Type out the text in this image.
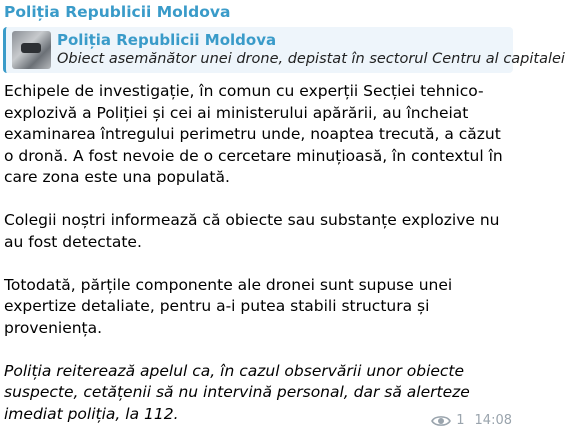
Poliția Republicii Moldova
Poliția Republicii Moldova
Obiect asemănător unei drone, depistat în sectorul Centru al capitalei

Echipele de investigație, în comun cu experții Secției tehnico-explozivă a Poliției și cei ai ministerului apărării, au încheiat examinarea întregului perimetru unde, noaptea trecută, a căzut o dronă. A fost nevoie de o cercetare minuțioasă, în contextul în care zona este una populată.

Colegii noștri informează că obiecte sau substanțe explozive nu au fost detectate.

Totodată, părțile componente ale dronei sunt supuse unei expertize detaliate, pentru a-i putea stabili structura și proveniența.

Poliția reiterează apelul ca, în cazul observării unor obiecte suspecte, cetățenii să nu intervină personal, dar să alerteze imediat poliția, la 112.	1 14:08
